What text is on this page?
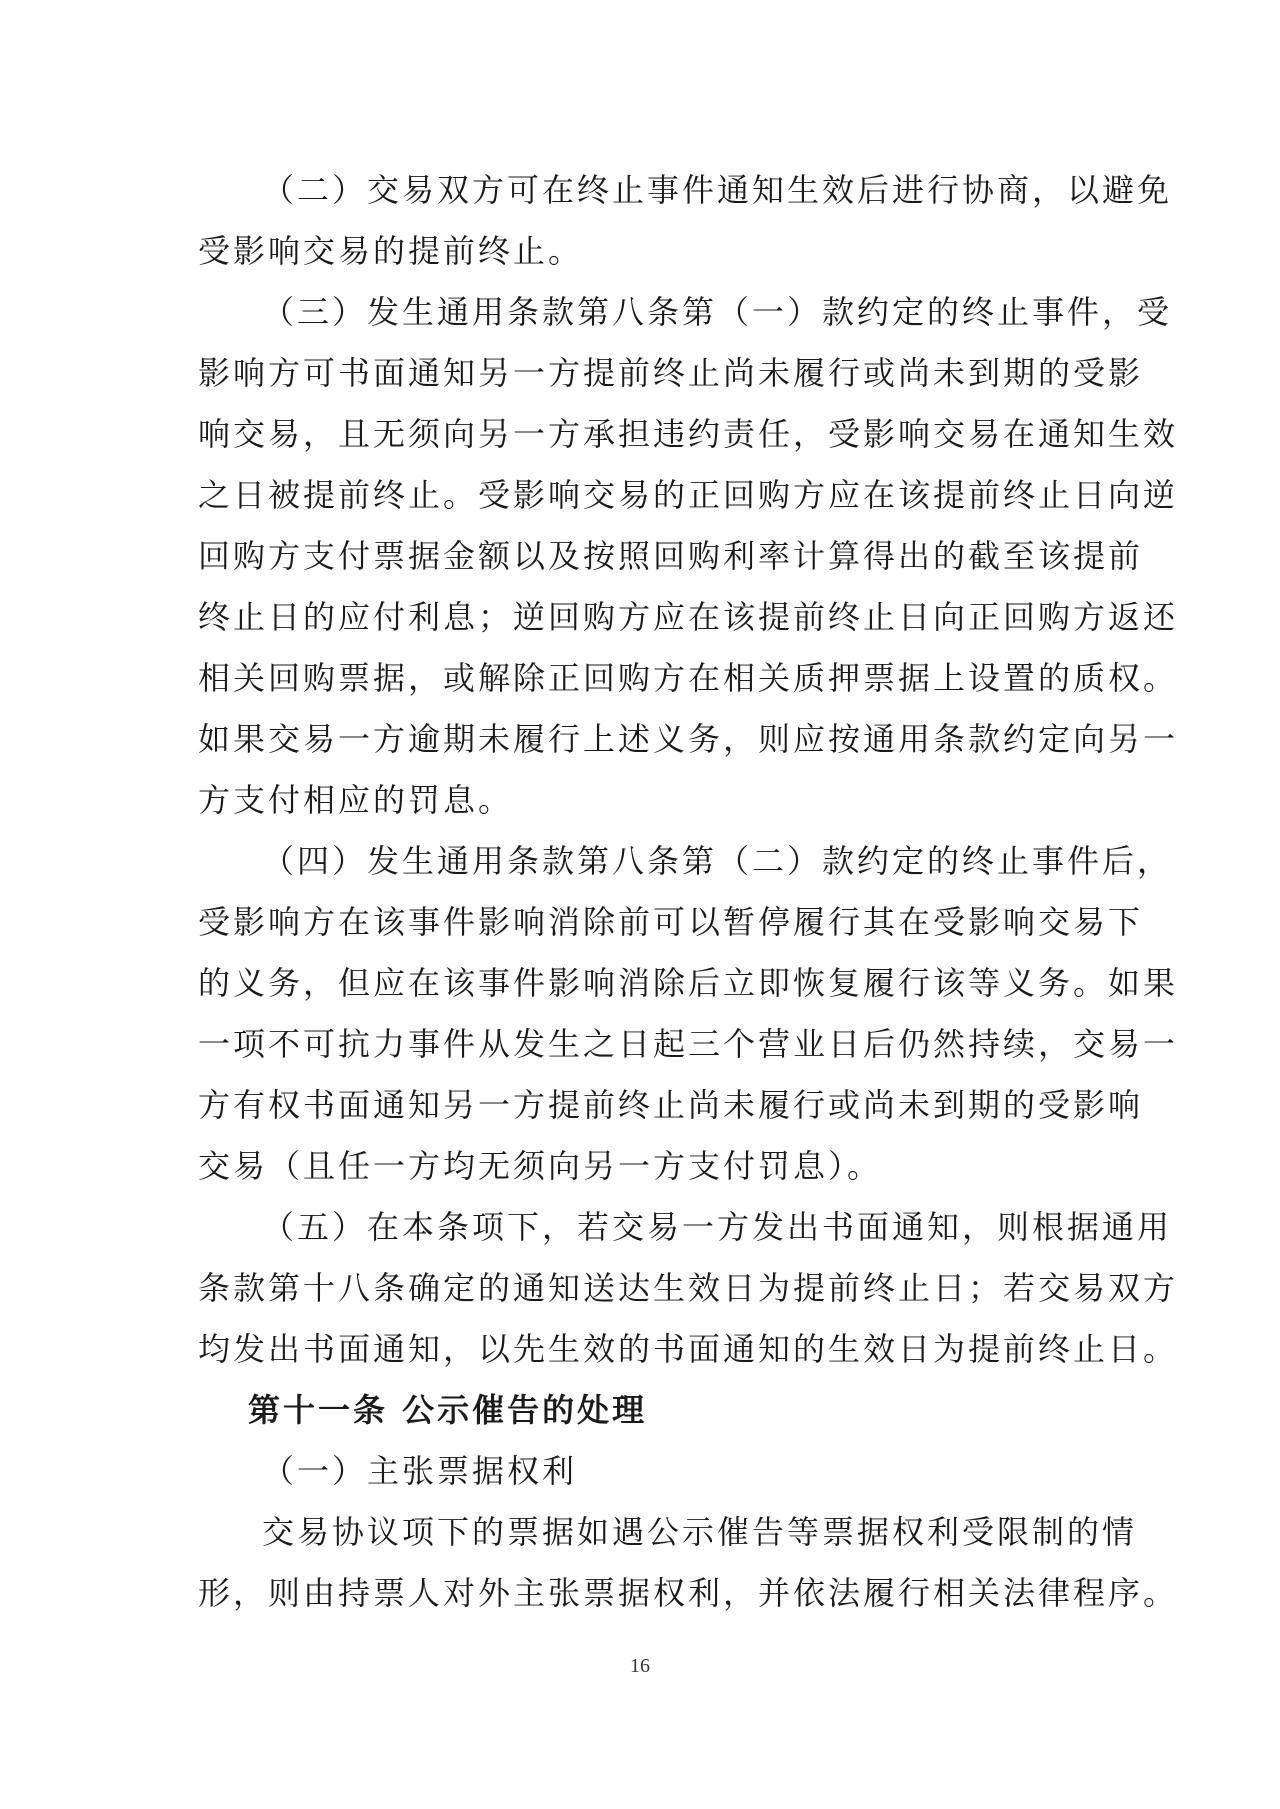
（二）交易双方可在终止事件通知生效后进行协商，以避免
受影响交易的提前终止。
（三）发生通用条款第八条第（一）款约定的终止事件，受
影响方可书面通知另一方提前终止尚未履行或尚未到期的受影
响交易，且无须向另一方承担违约责任，受影响交易在通知生效
之日被提前终止。受影响交易的正回购方应在该提前终止日向逆
回购方支付票据金额以及按照回购利率计算得出的截至该提前
终止日的应付利息；逆回购方应在该提前终止日向正回购方返还
相关回购票据，或解除正回购方在相关质押票据上设置的质权。
如果交易一方逾期未履行上述义务，则应按通用条款约定向另一
方支付相应的罚息。
（四）发生通用条款第八条第（二）款约定的终止事件后，
受影响方在该事件影响消除前可以暂停履行其在受影响交易下
的义务，但应在该事件影响消除后立即恢复履行该等义务。如果
一项不可抗力事件从发生之日起三个营业日后仍然持续，交易一
方有权书面通知另一方提前终止尚未履行或尚未到期的受影响
交易（且任一方均无须向另一方支付罚息）。
（五）在本条项下，若交易一方发出书面通知，则根据通用
条款第十八条确定的通知送达生效日为提前终止日；若交易双方
均发出书面通知，以先生效的书面通知的生效日为提前终止日。
第十一条 公示催告的处理
（一）主张票据权利
交易协议项下的票据如遇公示催告等票据权利受限制的情
形，则由持票人对外主张票据权利，并依法履行相关法律程序。
16
